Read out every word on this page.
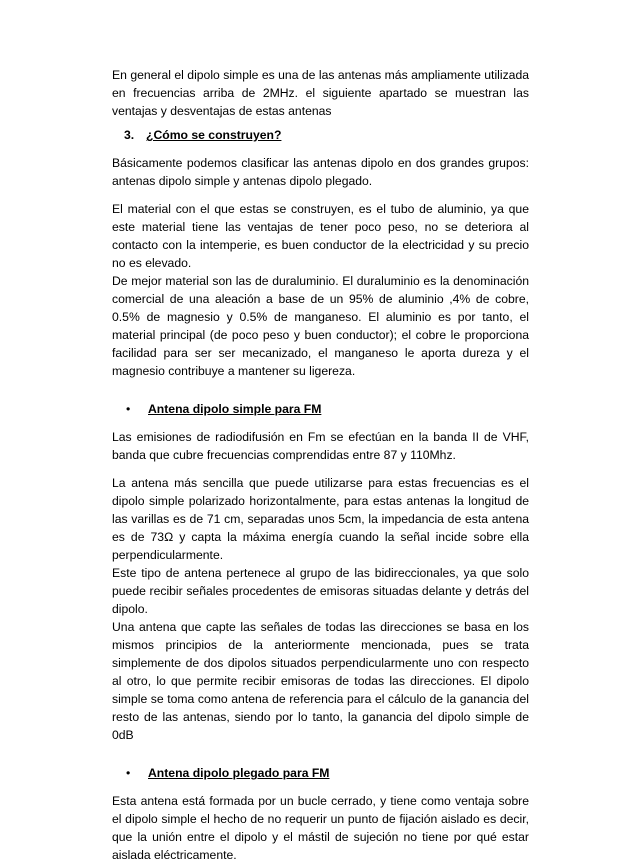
En general el dipolo simple es una de las antenas más ampliamente utilizada en frecuencias arriba de 2MHz. el siguiente apartado se muestran las ventajas y desventajas de estas antenas

3. ¿Cómo se construyen?

Básicamente podemos clasificar las antenas dipolo en dos grandes grupos: antenas dipolo simple y antenas dipolo plegado.

El material con el que estas se construyen, es el tubo de aluminio, ya que este material tiene las ventajas de tener poco peso, no se deteriora al contacto con la intemperie, es buen conductor de la electricidad y su precio no es elevado.

De mejor material son las de duraluminio. El duraluminio es la denominación comercial de una aleación a base de un 95% de aluminio ,4% de cobre, 0.5% de magnesio y 0.5% de manganeso. El aluminio es por tanto, el material principal (de poco peso y buen conductor); el cobre le proporciona facilidad para ser ser mecanizado, el manganeso le aporta dureza y el magnesio contribuye a mantener su ligereza.

•	Antena dipolo simple para FM

Las emisiones de radiodifusión en Fm se efectúan en la banda II de VHF, banda que cubre frecuencias comprendidas entre 87 y 110Mhz.

La antena más sencilla que puede utilizarse para estas frecuencias es el dipolo simple polarizado horizontalmente, para estas antenas la longitud de las varillas es de 71 cm, separadas unos 5cm, la impedancia de esta antena es de 73Ω y capta la máxima energía cuando la señal incide sobre ella perpendicularmente.

Este tipo de antena pertenece al grupo de las bidireccionales, ya que solo puede recibir señales procedentes de emisoras situadas delante y detrás del dipolo.

Una antena que capte las señales de todas las direcciones se basa en los mismos principios de la anteriormente mencionada, pues se trata simplemente de dos dipolos situados perpendicularmente uno con respecto al otro, lo que permite recibir emisoras de todas las direcciones. El dipolo simple se toma como antena de referencia para el cálculo de la ganancia del resto de las antenas, siendo por lo tanto, la ganancia del dipolo simple de 0dB

•	Antena dipolo plegado para FM

Esta antena está formada por un bucle cerrado, y tiene como ventaja sobre el dipolo simple el hecho de no requerir un punto de fijación aislado es decir, que la unión entre el dipolo y el mástil de sujeción no tiene por qué estar aislada eléctricamente.
